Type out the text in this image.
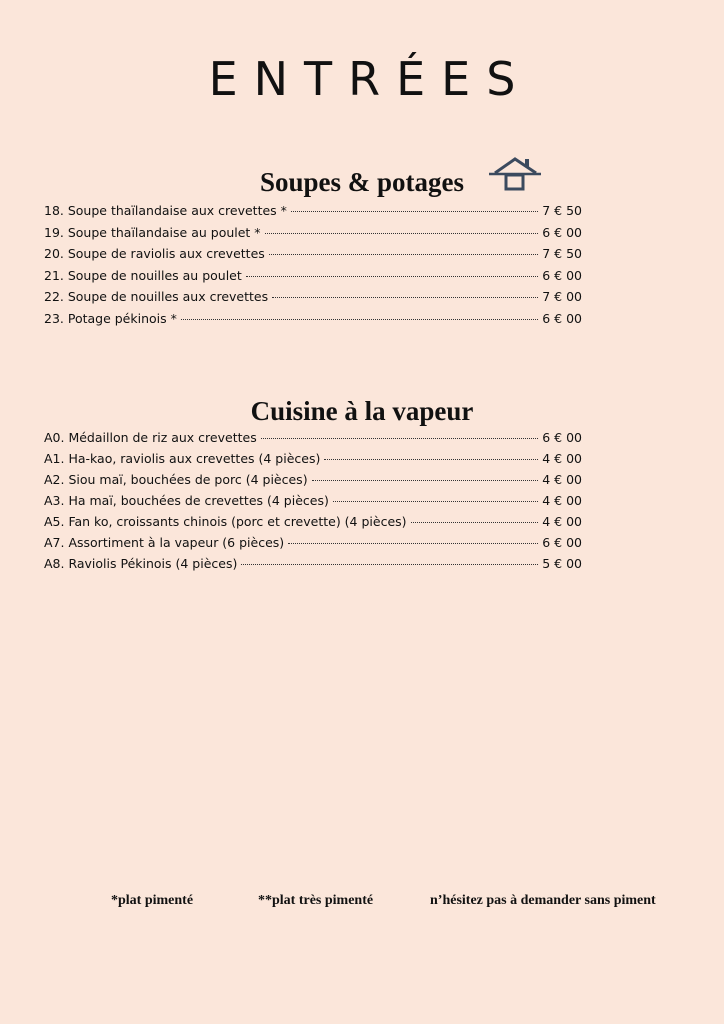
ENTRÉES
Soupes & potages
18. Soupe thaïlandaise aux crevettes *	7 € 50
19. Soupe thaïlandaise au poulet *	6 € 00
20. Soupe de raviolis aux crevettes	7 € 50
21. Soupe de nouilles au poulet	6 € 00
22. Soupe de nouilles aux crevettes	7 € 00
23. Potage pékinois *	6 € 00
Cuisine à la vapeur
A0. Médaillon de riz aux crevettes	6 € 00
A1. Ha-kao, raviolis aux crevettes (4 pièces)	4 € 00
A2. Siou maï, bouchées de porc (4 pièces)	4 € 00
A3. Ha maï, bouchées de crevettes (4 pièces)	4 € 00
A5. Fan ko, croissants chinois (porc et crevette) (4 pièces)	4 € 00
A7. Assortiment à la vapeur (6 pièces)	6 € 00
A8. Raviolis Pékinois (4 pièces)	5 € 00
*plat pimenté	**plat très pimenté	n’hésitez pas à demander sans piment
